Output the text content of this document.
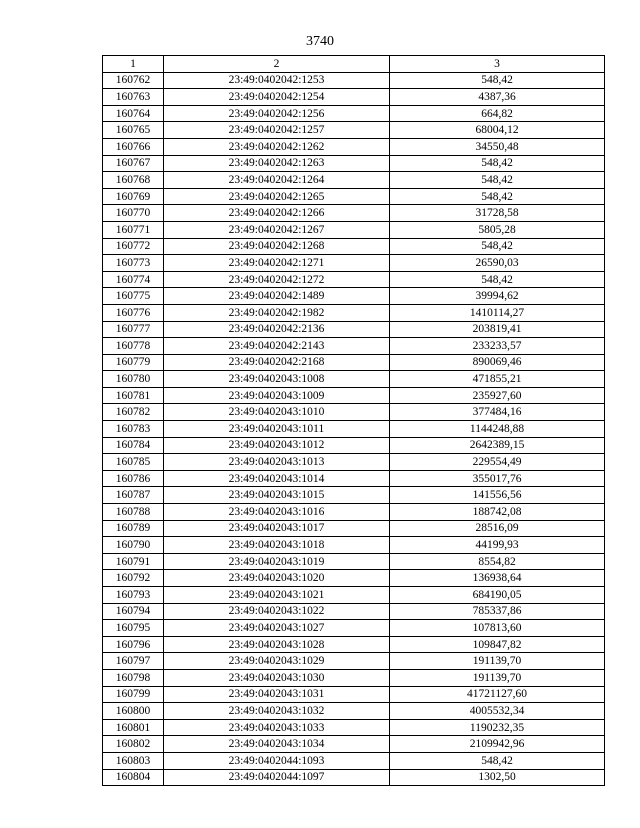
3740
1	2	3
160762	23:49:0402042:1253	548,42
160763	23:49:0402042:1254	4387,36
160764	23:49:0402042:1256	664,82
160765	23:49:0402042:1257	68004,12
160766	23:49:0402042:1262	34550,48
160767	23:49:0402042:1263	548,42
160768	23:49:0402042:1264	548,42
160769	23:49:0402042:1265	548,42
160770	23:49:0402042:1266	31728,58
160771	23:49:0402042:1267	5805,28
160772	23:49:0402042:1268	548,42
160773	23:49:0402042:1271	26590,03
160774	23:49:0402042:1272	548,42
160775	23:49:0402042:1489	39994,62
160776	23:49:0402042:1982	1410114,27
160777	23:49:0402042:2136	203819,41
160778	23:49:0402042:2143	233233,57
160779	23:49:0402042:2168	890069,46
160780	23:49:0402043:1008	471855,21
160781	23:49:0402043:1009	235927,60
160782	23:49:0402043:1010	377484,16
160783	23:49:0402043:1011	1144248,88
160784	23:49:0402043:1012	2642389,15
160785	23:49:0402043:1013	229554,49
160786	23:49:0402043:1014	355017,76
160787	23:49:0402043:1015	141556,56
160788	23:49:0402043:1016	188742,08
160789	23:49:0402043:1017	28516,09
160790	23:49:0402043:1018	44199,93
160791	23:49:0402043:1019	8554,82
160792	23:49:0402043:1020	136938,64
160793	23:49:0402043:1021	684190,05
160794	23:49:0402043:1022	785337,86
160795	23:49:0402043:1027	107813,60
160796	23:49:0402043:1028	109847,82
160797	23:49:0402043:1029	191139,70
160798	23:49:0402043:1030	191139,70
160799	23:49:0402043:1031	41721127,60
160800	23:49:0402043:1032	4005532,34
160801	23:49:0402043:1033	1190232,35
160802	23:49:0402043:1034	2109942,96
160803	23:49:0402044:1093	548,42
160804	23:49:0402044:1097	1302,50
